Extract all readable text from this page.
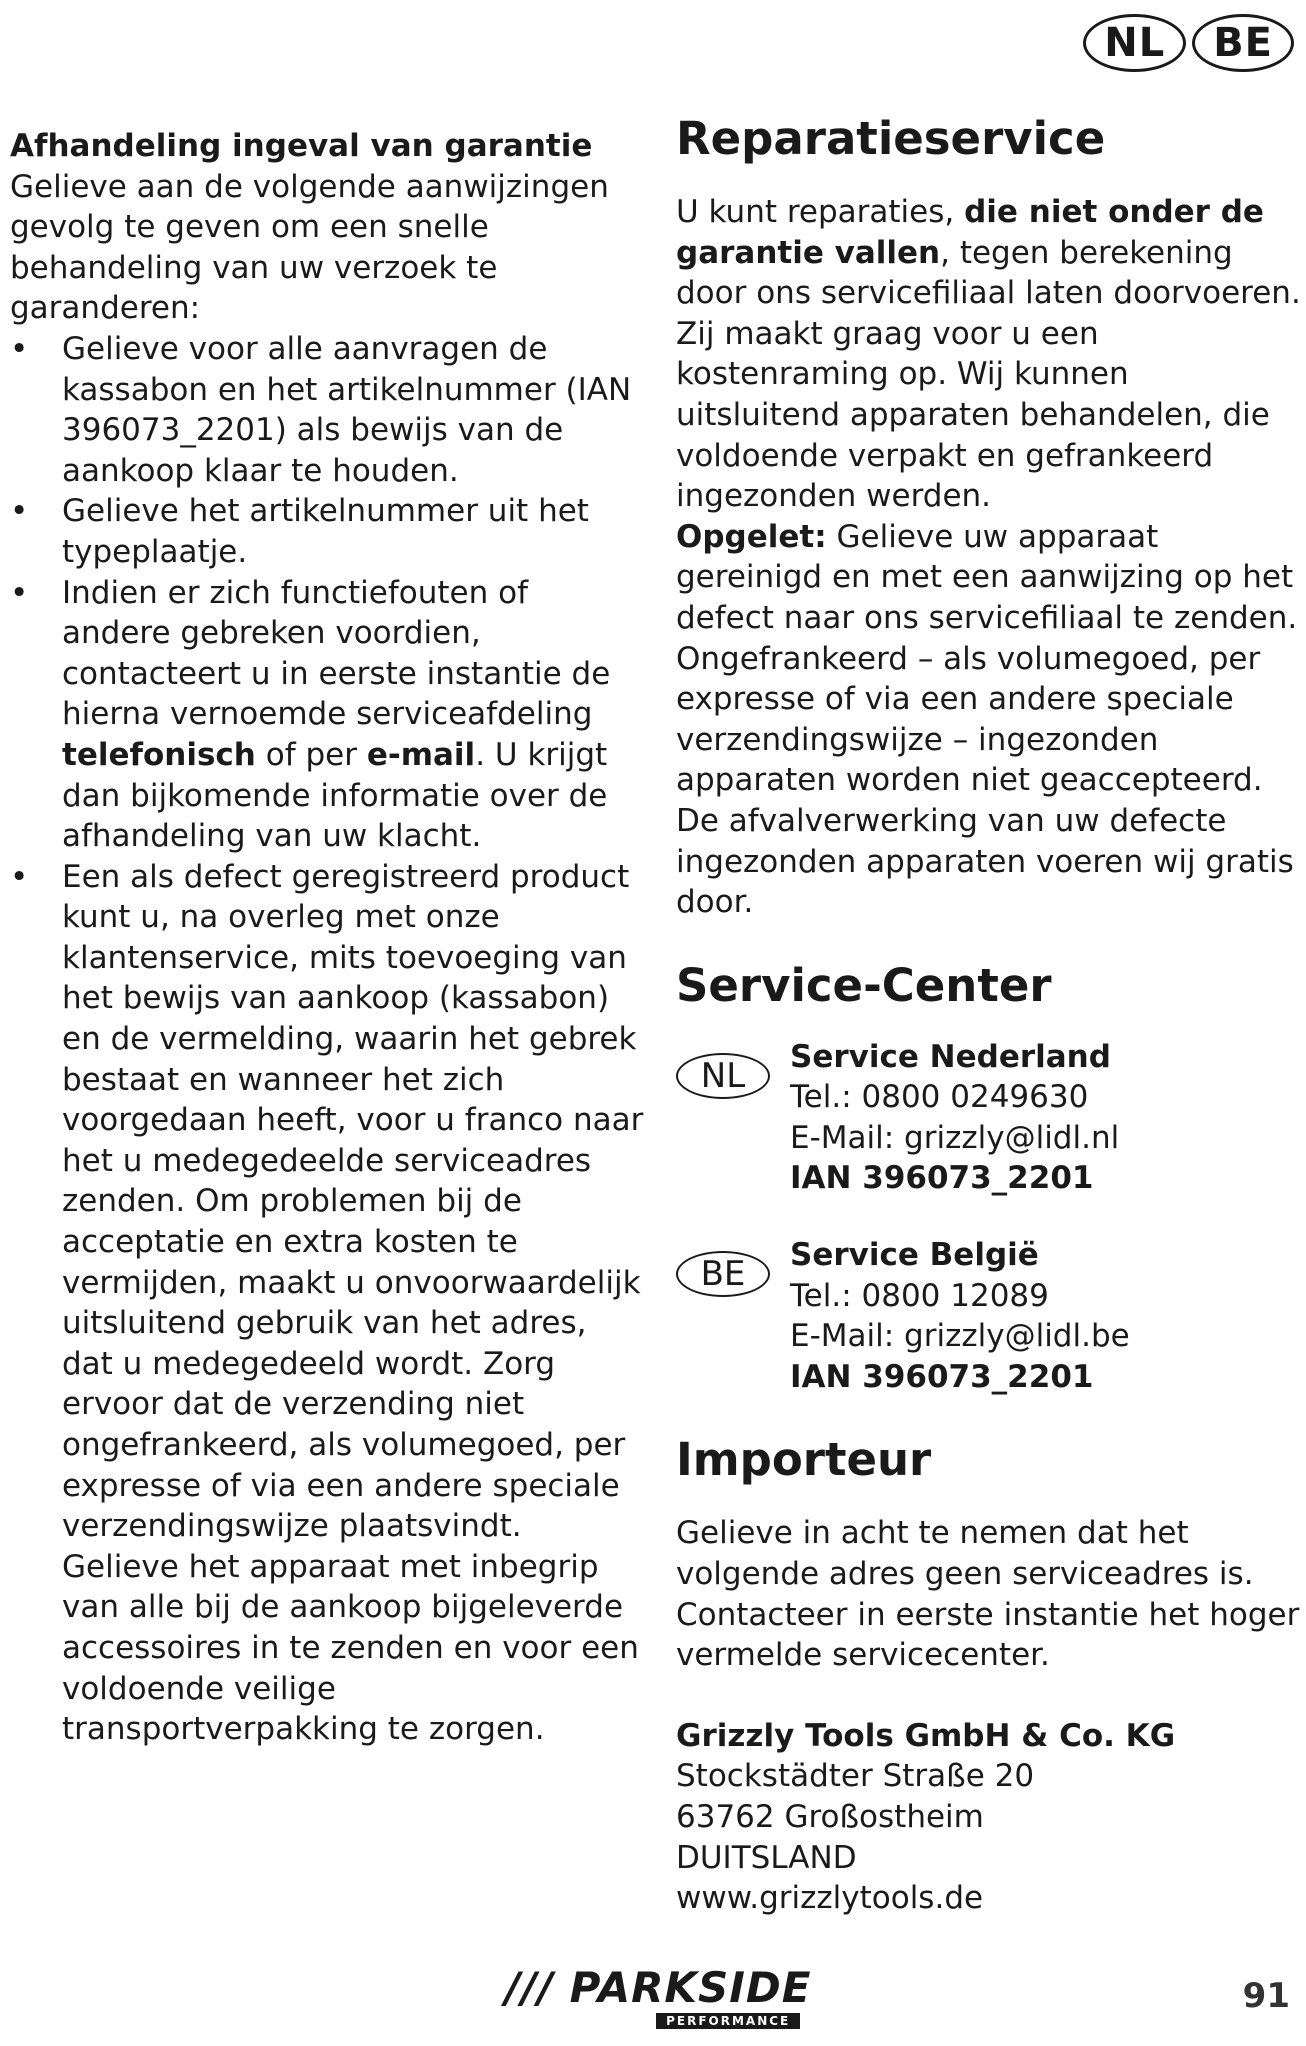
NL	BE

Afhandeling ingeval van garantie

Gelieve aan de volgende aanwijzingen gevolg te geven om een snelle behandeling van uw verzoek te garanderen:

• Gelieve voor alle aanvragen de kassabon en het artikelnummer (IAN 396073_2201) als bewijs van de aankoop klaar te houden.
• Gelieve het artikelnummer uit het typeplaatje.
• Indien er zich functiefouten of andere gebreken voordien, contacteert u in eerste instantie de hierna vernoemde serviceafdeling telefonisch of per e-mail. U krijgt dan bijkomende informatie over de afhandeling van uw klacht.
• Een als defect geregistreerd product kunt u, na overleg met onze klantenservice, mits toevoeging van het bewijs van aankoop (kassabon) en de vermelding, waarin het gebrek bestaat en wanneer het zich voorgedaan heeft, voor u franco naar het u medegedeelde serviceadres zenden. Om problemen bij de acceptatie en extra kosten te vermijden, maakt u onvoorwaardelijk uitsluitend gebruik van het adres, dat u medegedeeld wordt. Zorg ervoor dat de verzending niet ongefrankeerd, als volumegoed, per expresse of via een andere speciale verzendingswijze plaatsvindt. Gelieve het apparaat met inbegrip van alle bij de aankoop bijgeleverde accessoires in te zenden en voor een voldoende veilige transportverpakking te zorgen.

Reparatieservice

U kunt reparaties, die niet onder de garantie vallen, tegen berekening door ons servicefiliaal laten doorvoeren. Zij maakt graag voor u een kostenraming op. Wij kunnen uitsluitend apparaten behandelen, die voldoende verpakt en gefrankeerd ingezonden werden.

Opgelet: Gelieve uw apparaat gereinigd en met een aanwijzing op het defect naar ons servicefiliaal te zenden.

Ongefrankeerd – als volumegoed, per expresse of via een andere speciale verzendingswijze – ingezonden apparaten worden niet geaccepteerd.

De afvalverwerking van uw defecte ingezonden apparaten voeren wij gratis door.

Service-Center

NL	Service Nederland

Tel.: 0800 0249630

E-Mail: grizzly@lidl.nl

IAN 396073_2201

BE	Service België

Tel.: 0800 12089

E-Mail: grizzly@lidl.be

IAN 396073_2201

Importeur

Gelieve in acht te nemen dat het volgende adres geen serviceadres is. Contacteer in eerste instantie het hoger vermelde servicecenter.

Grizzly Tools GmbH & Co. KG

Stockstädter Straße 20

63762 Großostheim

DUITSLAND

www.grizzlytools.de

/// PARKSIDE
PERFORMANCE
91
